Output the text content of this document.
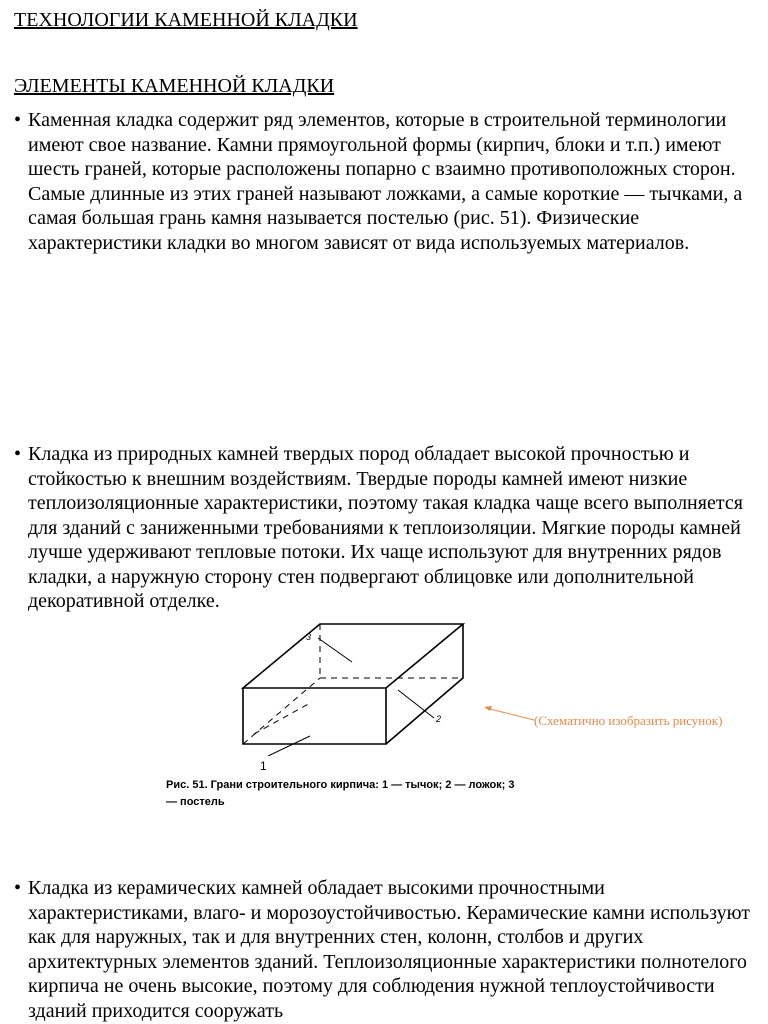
ТЕХНОЛОГИИ КАМЕННОЙ КЛАДКИ
ЭЛЕМЕНТЫ КАМЕННОЙ КЛАДКИ
• Каменная кладка содержит ряд элементов, которые в строительной терминологии имеют свое название. Камни прямоугольной формы (кирпич, блоки и т.п.) имеют шесть граней, которые расположены попарно с взаимно противоположных сторон. Самые длинные из этих граней называют ложками, а самые короткие — тычками, а самая большая грань камня называется постелью (рис. 51). Физические характеристики кладки во многом зависят от вида используемых материалов.
• Кладка из природных камней твердых пород обладает высокой прочностью и стойкостью к внешним воздействиям. Твердые породы камней имеют низкие теплоизоляционные характеристики, поэтому такая кладка чаще всего выполняется для зданий с заниженными требованиями к теплоизоляции. Мягкие породы камней лучше удерживают тепловые потоки. Их чаще используют для внутренних рядов кладки, а наружную сторону стен подвергают облицовке или дополнительной декоративной отделке.
3
2
1
(Схематично изобразить рисунок)
Рис. 51. Грани строительного кирпича: 1 — тычок; 2 — ложок; 3 — постель
• Кладка из керамических камней обладает высокими прочностными характеристиками, влаго- и морозоустойчивостью. Керамические камни используют как для наружных, так и для внутренних стен, колонн, столбов и других архитектурных элементов зданий. Теплоизоляционные характеристики полнотелого кирпича не очень высокие, поэтому для соблюдения нужной теплоустойчивости зданий приходится сооружать
